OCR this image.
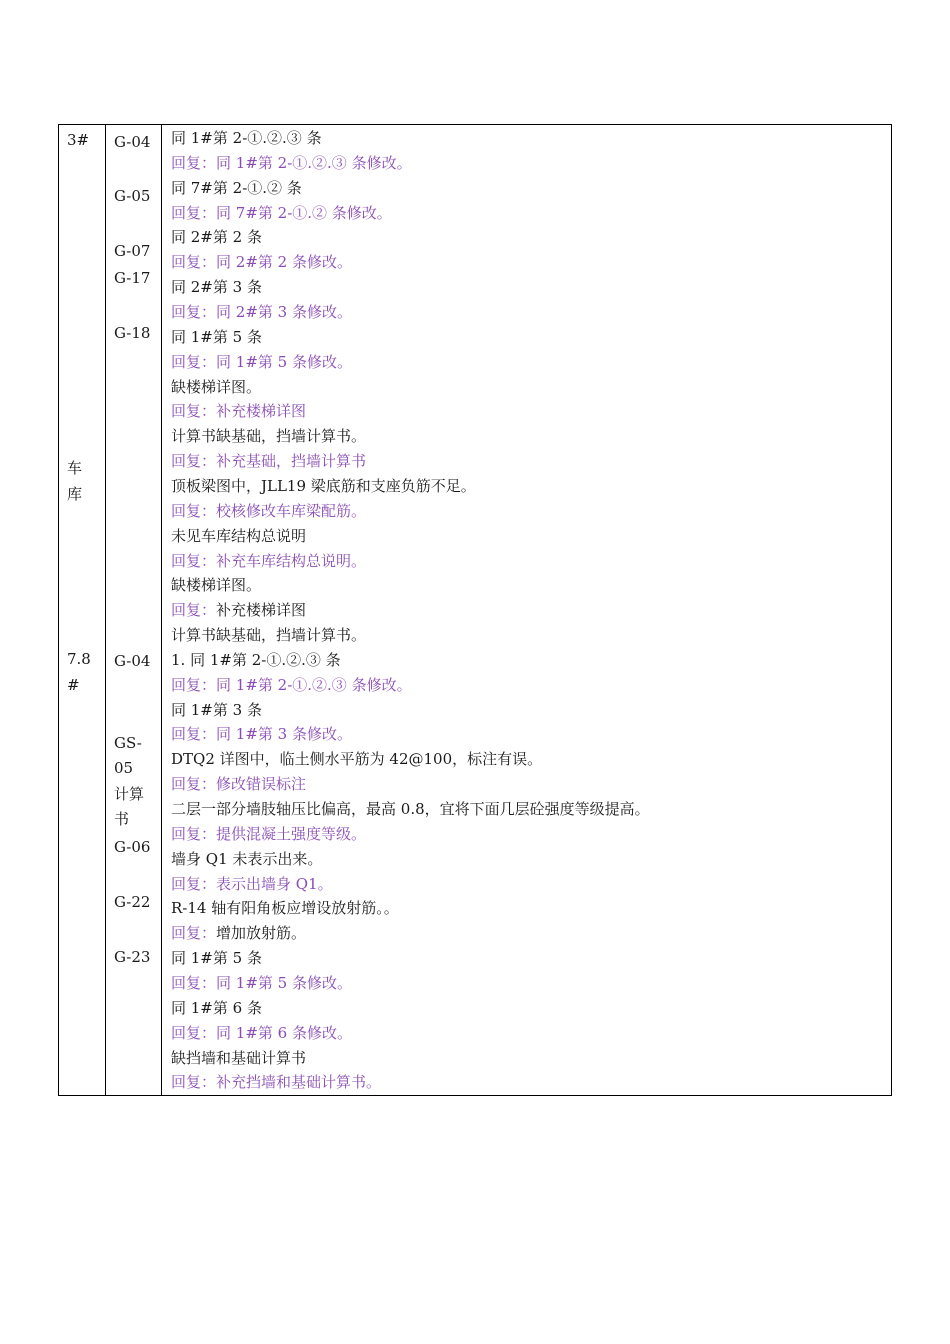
3#
车
库
7.8
#
G-04
G-05
G-07
G-17
G-18
G-04
GS-
05
计算
书
G-06
G-22
G-23
同 1#第 2-①.②.③ 条
回复：同 1#第 2-①.②.③ 条修改。
同 7#第 2-①.② 条
回复：同 7#第 2-①.② 条修改。
同 2#第 2 条
回复：同 2#第 2 条修改。
同 2#第 3 条
回复：同 2#第 3 条修改。
同 1#第 5 条
回复：同 1#第 5 条修改。
缺楼梯详图。
回复：补充楼梯详图
计算书缺基础，挡墙计算书。
回复：补充基础，挡墙计算书
顶板梁图中，JLL19 梁底筋和支座负筋不足。
回复：校核修改车库梁配筋。
未见车库结构总说明
回复：补充车库结构总说明。
缺楼梯详图。
回复：补充楼梯详图
计算书缺基础，挡墙计算书。
1. 同 1#第 2-①.②.③ 条
回复：同 1#第 2-①.②.③ 条修改。
同 1#第 3 条
回复：同 1#第 3 条修改。
DTQ2 详图中，临土侧水平筋为 42@100，标注有误。
回复：修改错误标注
二层一部分墙肢轴压比偏高，最高 0.8，宜将下面几层砼强度等级提高。
回复：提供混凝土强度等级。
墙身 Q1 未表示出来。
回复：表示出墙身 Q1。
R-14 轴有阳角板应增设放射筋。。
回复：增加放射筋。
同 1#第 5 条
回复：同 1#第 5 条修改。
同 1#第 6 条
回复：同 1#第 6 条修改。
缺挡墙和基础计算书
回复：补充挡墙和基础计算书。
